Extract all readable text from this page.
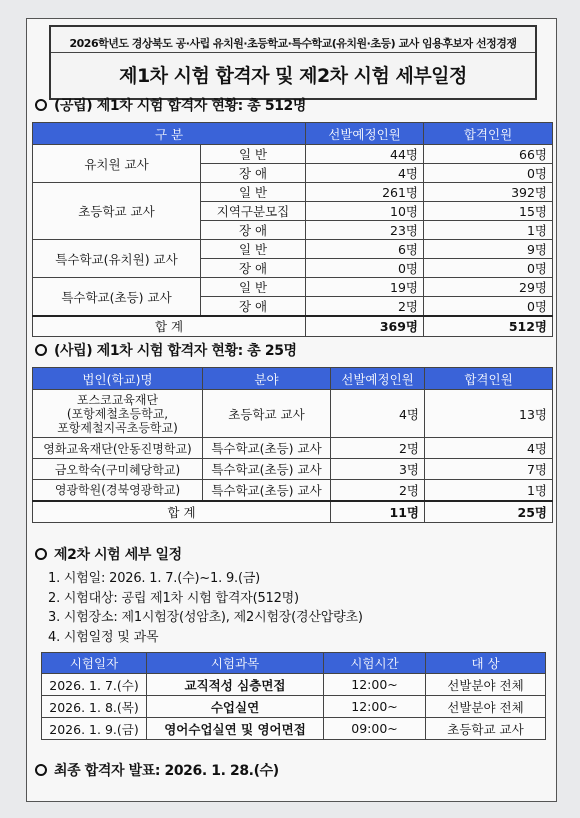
2026학년도 경상북도 공·사립 유치원·초등학교·특수학교(유치원·초등) 교사 임용후보자 선정경쟁
제1차 시험 합격자 및 제2차 시험 세부일정
(공립) 제1차 시험 합격자 현황: 총 512명
구 분		선발예정인원	합격인원
유치원 교사	일 반	44명	66명
	장 애	4명	0명
초등학교 교사	일 반	261명	392명
	지역구분모집	10명	15명
	장 애	23명	1명
특수학교(유치원) 교사	일 반	6명	9명
	장 애	0명	0명
특수학교(초등) 교사	일 반	19명	29명
	장 애	2명	0명
합 계		369명	512명
(사립) 제1차 시험 합격자 현황: 총 25명
법인(학교)명	분야	선발예정인원	합격인원

포스코교육재단
(포항제철초등학교,
포항제철지곡초등학교)	초등학교 교사	4명	13명
영화교육재단(안동진명학교)	특수학교(초등) 교사	2명	4명
금오학숙(구미혜당학교)	특수학교(초등) 교사	3명	7명
영광학원(경북영광학교)	특수학교(초등) 교사	2명	1명
합 계		11명	25명
제2차 시험 세부 일정
1. 시험일: 2026. 1. 7.(수)~1. 9.(금)
2. 시험대상: 공립 제1차 시험 합격자(512명)
3. 시험장소: 제1시험장(성암초), 제2시험장(경산압량초)
4. 시험일정 및 과목
시험일자	시험과목	시험시간	대 상
2026. 1. 7.(수)	교직적성 심층면접	12:00~	선발분야 전체
2026. 1. 8.(목)	수업실연	12:00~	선발분야 전체
2026. 1. 9.(금)	영어수업실연 및 영어면접	09:00~	초등학교 교사
최종 합격자 발표: 2026. 1. 28.(수)
